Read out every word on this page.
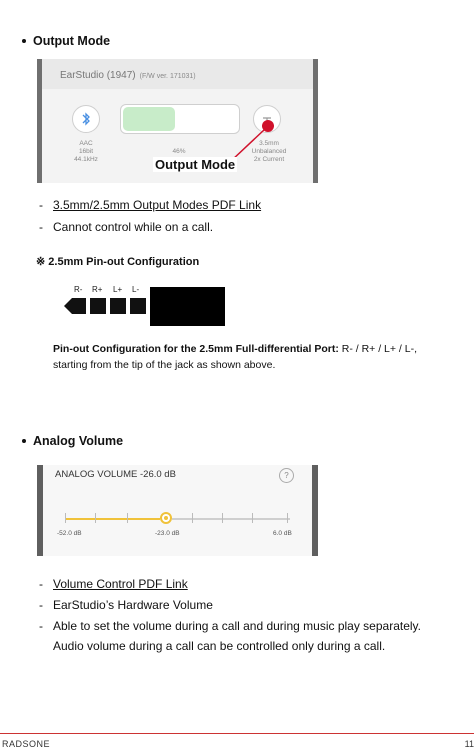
Output Mode
EarStudio (1947) (F/W ver. 171031)
AAC
16bit
44.1kHz
46%
3.5mm
Unbalanced
2x Current
Output Mode
- 3.5mm/2.5mm Output Modes PDF Link
- Cannot control while on a call.
※ 2.5mm Pin-out Configuration
R- R+ L+ L-
Pin-out Configuration for the 2.5mm Full-differential Port: R- / R+ / L+ / L-,
starting from the tip of the jack as shown above.
Analog Volume
ANALOG VOLUME -26.0 dB	?
-52.0 dB	-23.0 dB	6.0 dB
- Volume Control PDF Link
- EarStudio’s Hardware Volume
- Able to set the volume during a call and during music play separately.
Audio volume during a call can be controlled only during a call.
RADSONE	11
